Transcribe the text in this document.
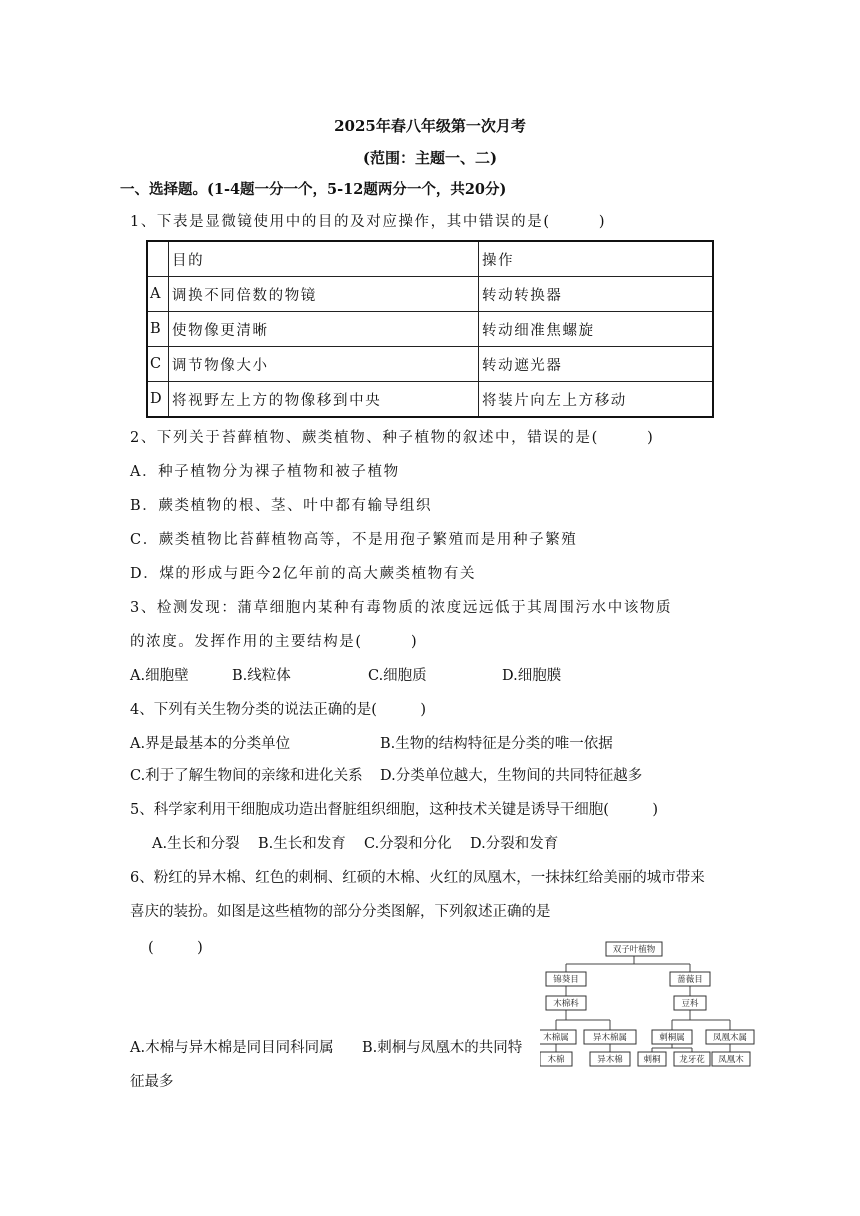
2025年春八年级第一次月考
(范围：主题一、二)
一、选择题。(1-4题一分一个，5-12题两分一个，共20分)
1、下表是显微镜使用中的目的及对应操作，其中错误的是(　　　)
	目的	操作
A	调换不同倍数的物镜	转动转换器
B	使物像更清晰	转动细准焦螺旋
C	调节物像大小	转动遮光器
D	将视野左上方的物像移到中央	将装片向左上方移动
2、下列关于苔藓植物、蕨类植物、种子植物的叙述中，错误的是(　　　)
A．种子植物分为裸子植物和被子植物
B．蕨类植物的根、茎、叶中都有输导组织
C．蕨类植物比苔藓植物高等，不是用孢子繁殖而是用种子繁殖
D．煤的形成与距今2亿年前的高大蕨类植物有关
3、检测发现：蒲草细胞内某种有毒物质的浓度远远低于其周围污水中该物质
的浓度。发挥作用的主要结构是(　　　)
A.细胞壁	B.线粒体	C.细胞质	D.细胞膜
4、下列有关生物分类的说法正确的是(　　　)
A.界是最基本的分类单位	B.生物的结构特征是分类的唯一依据
C.利于了解生物间的亲缘和进化关系 D.分类单位越大，生物间的共同特征越多
5、科学家利用干细胞成功造出督脏组织细胞，这种技术关键是诱导干细胞(　　　)
A.生长和分裂 B.生长和发育 C.分裂和分化 D.分裂和发育
6、粉红的异木棉、红色的刺桐、红硕的木棉、火红的凤凰木，一抹抹红给美丽的城市带来
喜庆的装扮。如图是这些植物的部分分类图解，下列叙述正确的是
(　　　)
A.木棉与异木棉是同目同科同属 B.刺桐与凤凰木的共同特
征最多
双子叶植物
锦葵目	蔷薇目
木棉科	豆科
木棉属	异木棉属	刺桐属	凤凰木属
木棉	异木棉 刺桐 龙牙花 凤凰木
